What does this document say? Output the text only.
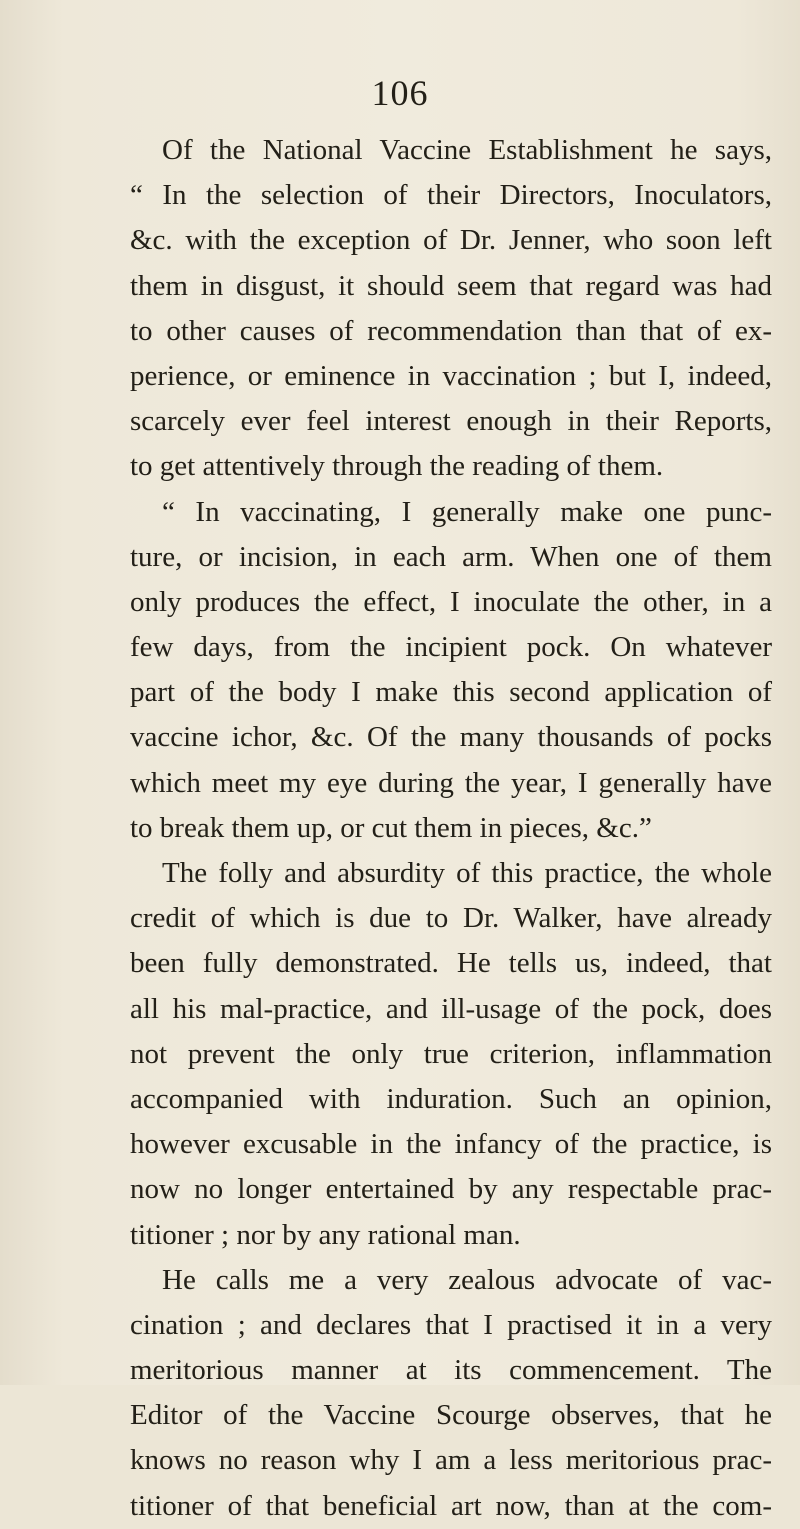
106
Of the National Vaccine Establishment he says,
“ In the selection of their Directors, Inoculators,
&c. with the exception of Dr. Jenner, who soon left
them in disgust, it should seem that regard was had
to other causes of recommendation than that of ex-
perience, or eminence in vaccination ; but I, indeed,
scarcely ever feel interest enough in their Reports,
to get attentively through the reading of them.
“ In vaccinating, I generally make one punc-
ture, or incision, in each arm. When one of them
only produces the effect, I inoculate the other, in a
few days, from the incipient pock. On whatever
part of the body I make this second application of
vaccine ichor, &c. Of the many thousands of pocks
which meet my eye during the year, I generally have
to break them up, or cut them in pieces, &c.”
The folly and absurdity of this practice, the whole
credit of which is due to Dr. Walker, have already
been fully demonstrated. He tells us, indeed, that
all his mal-practice, and ill-usage of the pock, does
not prevent the only true criterion, inflammation
accompanied with induration. Such an opinion,
however excusable in the infancy of the practice, is
now no longer entertained by any respectable prac-
titioner ; nor by any rational man.
He calls me a very zealous advocate of vac-
cination ; and declares that I practised it in a very
meritorious manner at its commencement. The
Editor of the Vaccine Scourge observes, that he
knows no reason why I am a less meritorious prac-
titioner of that beneficial art now, than at the com-
